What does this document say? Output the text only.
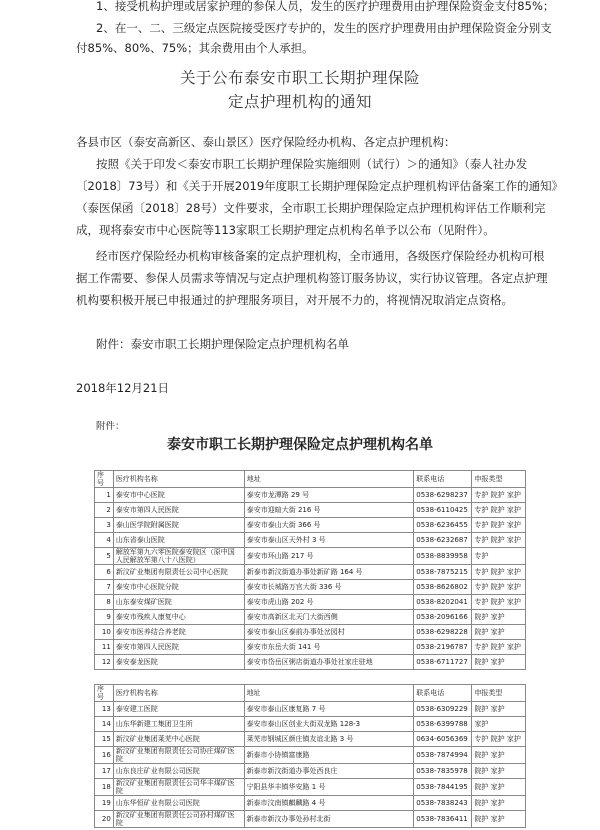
1、接受机构护理或居家护理的参保人员，发生的医疗护理费用由护理保险资金支付85%；
2、在一、二、三级定点医院接受医疗专护的，发生的医疗护理费用由护理保险资金分别支
付85%、80%、75%；其余费用由个人承担。
关于公布泰安市职工长期护理保险
定点护理机构的通知
各县市区（泰安高新区、泰山景区）医疗保险经办机构、各定点护理机构：
按照《关于印发＜泰安市职工长期护理保险实施细则（试行）＞的通知》（泰人社办发
〔2018〕73号）和《关于开展2019年度职工长期护理保险定点护理机构评估备案工作的通知》
（泰医保函〔2018〕28号）文件要求，全市职工长期护理保险定点护理机构评估工作顺利完
成，现将泰安市中心医院等113家职工长期护理定点机构名单予以公布（见附件）。
经市医疗保险经办机构审核备案的定点护理机构，全市通用，各级医疗保险经办机构可根
据工作需要、参保人员需求等情况与定点护理机构签订服务协议，实行协议管理。各定点护理
机构要积极开展已申报通过的护理服务项目，对开展不力的，将视情况取消定点资格。
附件：泰安市职工长期护理保险定点护理机构名单
2018年12月21日
附件：
泰安市职工长期护理保险定点护理机构名单
序号	医疗机构名称	地址	联系电话	申报类型
1	泰安市中心医院	泰安市龙潭路 29 号	0538-6298237	专护 院护 家护
2	泰安市第四人民医院	泰安市迎暄大街 216 号	0538-6110425	专护 院护 家护
3	泰山医学院附属医院	泰安市泰山大街 366 号	0538-6236455	专护 院护 家护
4	山东省泰山医院	泰安市泰山区天外村 3 号	0538-6232687	专护 院护 家护
5	解放军第九六零医院泰安院区（原中国人民解放军第八十八医院）	泰安市环山路 217 号	0538-8839958	专护
6	新汶矿业集团有限责任公司中心医院	新泰市新汶街道办事处新矿路 164 号	0538-7875215	专护 院护 家护
7	泰安市中心医院分院	泰安市长城路万官大街 336 号	0538-8626802	专护 院护 家护
8	山东泰安煤矿医院	泰安市虎山路 202 号	0538-8202041	专护 院护 家护
9	泰安市残疾人康复中心	泰安市高新区北天门大街西侧	0538-2096166	院护 家护
10	泰安市医养结合养老院	泰安市泰山区泰前办事处岔园村	0538-6298228	院护 家护
11	泰安市第四人民医院	泰安市东岳大街 141 号	0538-2196787	专护 院护 家护
12	泰安泰龙医院	泰安市岱岳区粥店街道办事处社家庄驻地	0538-6711727	院护 家护
序号	医疗机构名称	地址	联系电话	申报类型
13	泰安建工医院	泰安市泰山区康复路 7 号	0538-6309229	院护 家护
14	山东华新建工集团卫生所	泰安市泰山区创业大街双龙路 128-3	0538-6399788	家护
15	新汶矿业集团莱芜中心医院	莱芜市钢城区颜庄镇友谊北路 3 号	0634-6056369	专护 院护 家护
16	新汶矿业集团有限责任公司协庄煤矿医院	新泰市小协镇富康路	0538-7874994	院护 家护
17	山东良庄矿业有限公司医院	新泰市新汶街道办事处西良庄	0538-7835978	院护 家护
18	新汶矿业集团有限责任公司华丰煤矿医院	宁阳县华丰镇华安路 1 号	0538-7844195	院护 家护
19	山东华恒矿业有限公司医院	新泰市汶南镇麒麟路 4 号	0538-7838243	院护 家护
20	新汶矿业集团有限责任公司孙村煤矿医院	新泰市新汶办事处孙村北街	0538-7836411	院护 家护
